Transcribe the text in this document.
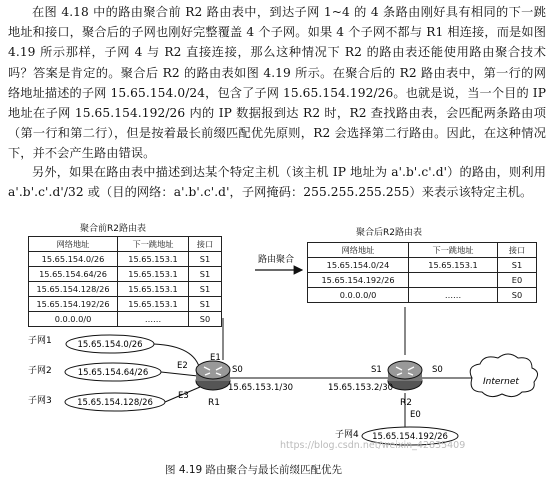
在图 4.18 中的路由聚合前 R2 路由表中，到达子网 1~4 的 4 条路由刚好具有相同的下一跳地址和接口，聚合后的子网也刚好完整覆盖 4 个子网。如果 4 个子网不都与 R1 相连接，而是如图 4.19 所示那样，子网 4 与 R2 直接连接，那么这种情况下 R2 的路由表还能使用路由聚合技术吗？答案是肯定的。聚合后 R2 的路由表如图 4.19 所示。在聚合后的 R2 路由表中，第一行的网络地址描述的子网 15.65.154.0/24，包含了子网 15.65.154.192/26。也就是说，当一个目的 IP 地址在子网 15.65.154.192/26 内的 IP 数据报到达 R2 时，R2 查找路由表，会匹配两条路由项（第一行和第二行），但是按着最长前缀匹配优先原则，R2 会选择第二行路由。因此，在这种情况下，并不会产生路由错误。
另外，如果在路由表中描述到达某个特定主机（该主机 IP 地址为 a'.b'.c'.d'）的路由，则利用 a'.b'.c'.d'/32 或（目的网络：a'.b'.c'.d'，子网掩码：255.255.255.255）来表示该特定主机。
聚合前R2路由表
网络地址	下一跳地址	接口
15.65.154.0/26	15.65.153.1	S1
15.65.154.64/26	15.65.153.1	S1
15.65.154.128/26	15.65.153.1	S1
15.65.154.192/26	15.65.153.1	S1
0.0.0.0/0	……	S0
聚合后R2路由表
网络地址	下一跳地址	接口
15.65.154.0/24	15.65.153.1	S1
15.65.154.192/26		E0
0.0.0.0/0	……	S0
路由聚合
子网1
子网2
子网3
子网4
15.65.154.0/26
15.65.154.64/26
15.65.154.128/26
15.65.154.192/26
R1
E1
E2
E3
S0
15.65.153.1/30
R2
S1	S0
E0
15.65.153.2/30
Internet
https://blog.csdn.net/weixin_42835409
图 4.19 路由聚合与最长前缀匹配优先
